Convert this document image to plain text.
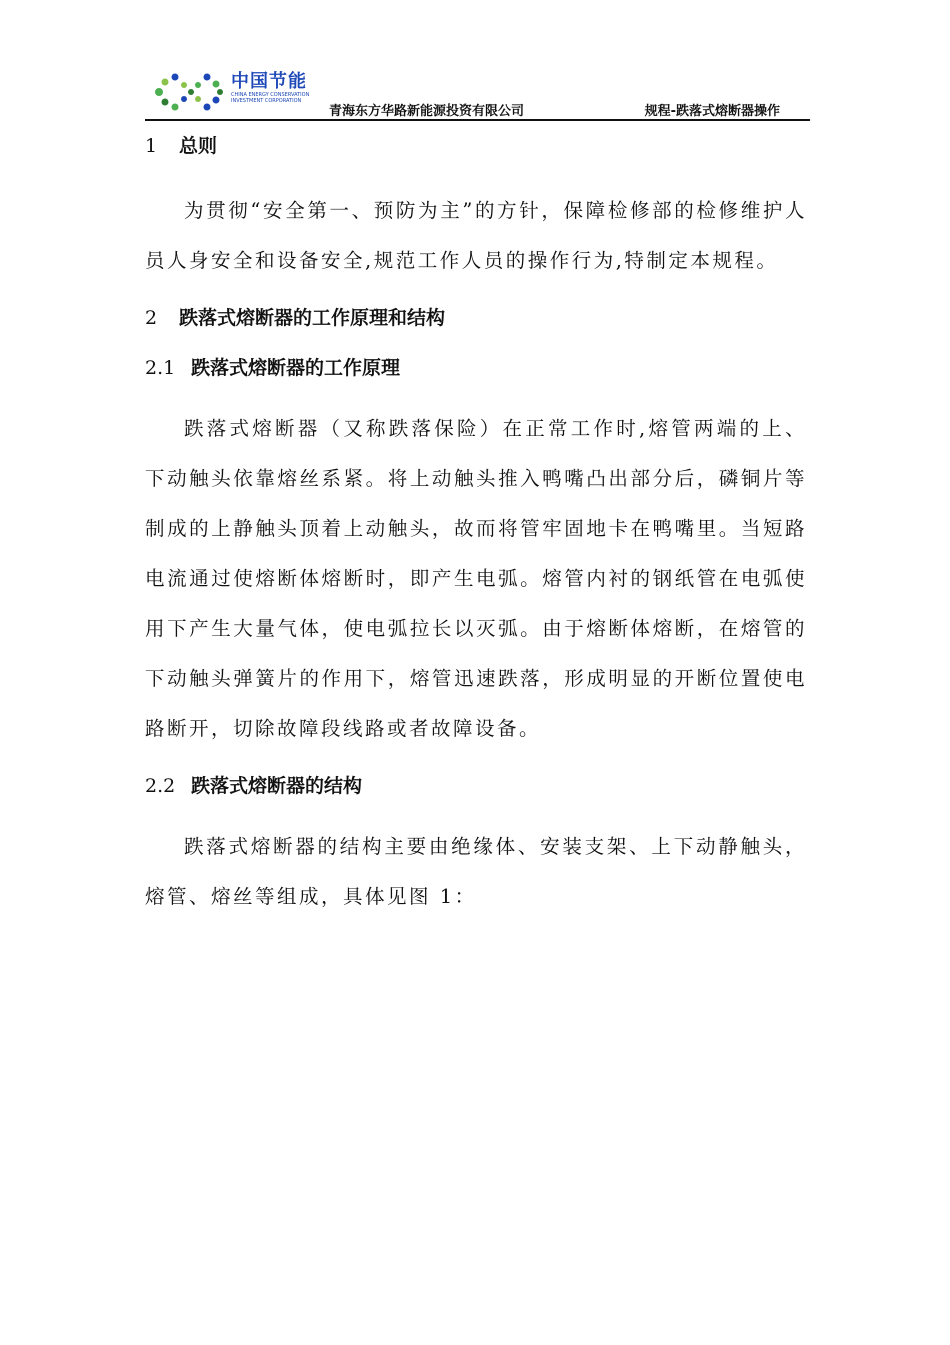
中国节能
CHINA ENERGY CONSERVATION
INVESTMENT CORPORATION
青海东方华路新能源投资有限公司	规程-跌落式熔断器操作
1 总则
为贯彻“安全第一、预防为主”的方针，保障检修部的检修维护人员人身安全和设备安全,规范工作人员的操作行为,特制定本规程。
2 跌落式熔断器的工作原理和结构
2.1 跌落式熔断器的工作原理
跌落式熔断器（又称跌落保险）在正常工作时,熔管两端的上、下动触头依靠熔丝系紧。将上动触头推入鸭嘴凸出部分后，磷铜片等制成的上静触头顶着上动触头，故而将管牢固地卡在鸭嘴里。当短路电流通过使熔断体熔断时，即产生电弧。熔管内衬的钢纸管在电弧使用下产生大量气体，使电弧拉长以灭弧。由于熔断体熔断，在熔管的下动触头弹簧片的作用下，熔管迅速跌落，形成明显的开断位置使电路断开，切除故障段线路或者故障设备。
2.2 跌落式熔断器的结构
跌落式熔断器的结构主要由绝缘体、安装支架、上下动静触头，熔管、熔丝等组成，具体见图 1：
